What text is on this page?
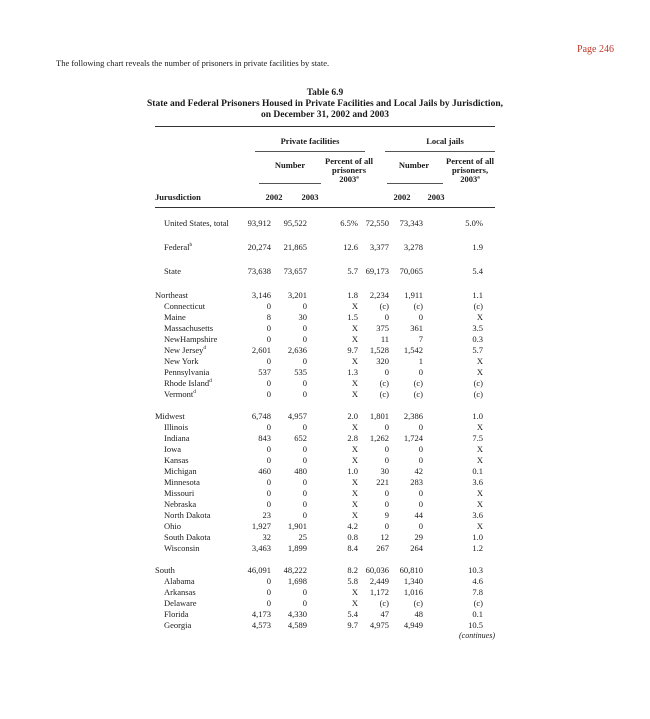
Page 246
The following chart reveals the number of prisoners in private facilities by state.
Table 6.9
State and Federal Prisoners Housed in Private Facilities and Local Jails by Jurisdiction,
on December 31, 2002 and 2003
Private facilities	Local jails
Number	Percent of all prisoners 2003ª
Number	Percent of all prisoners, 2003ª
Jurusdiction	2002	2003	2002	2003
United States, total 93,912 95,522	6.5% 72,550 73,343	5.0%
Federal$^b$	20,274 21,865	12.6 3,377 3,278	1.9
State	73,638 73,657	5.7 69,173 70,065	5.4
Northeast	3,146 3,201	1.8 2,234 1,911	1.1
Connecticut	0	0	X	(c)	(c)	(c)
Maine	8	30	1.5	0	0	X
Massachusetts	0	0	X 375	361	3.5
NewHampshire	0	0	X	11	7	0.3
New Jersey$^d$	2,601 2,636	9.7 1,528 1,542	5.7
New York	0	0	X 320	1	X
Pennsylvania	537	535	1.3	0	0	X
Rhode Island$^d$	0	0	X	(c)	(c)	(c)
Vermont$^d$	0	0	X	(c)	(c)	(c)
Midwest	6,748 4,957	2.0 1,801 2,386	1.0
Illinois	0	0	X	0	0	X
Indiana	843	652	2.8 1,262 1,724	7.5
Iowa	0	0	X	0	0	X
Kansas	0	0	X	0	0	X
Michigan	460	480	1.0	30	42	0.1
Minnesota	0	0	X 221	283	3.6
Missouri	0	0	X	0	0	X
Nebraska	0	0	X	0	0	X
North Dakota	23	0	X	9	44	3.6
Ohio	1,927 1,901	4.2	0	0	X
South Dakota	32	25	0.8	12	29	1.0
Wisconsin	3,463 1,899	8.4 267	264	1.2
South	46,091 48,222	8.2 60,036 60,810	10.3
Alabama	0 1,698	5.8 2,449 1,340	4.6
Arkansas	0	0	X 1,172 1,016	7.8
Delaware	0	0	X	(c)	(c)	(c)
Florida	4,173 4,330	5.4	47	48	0.1
Georgia	4,573 4,589	9.7 4,975 4,949	10.5
(continues)
